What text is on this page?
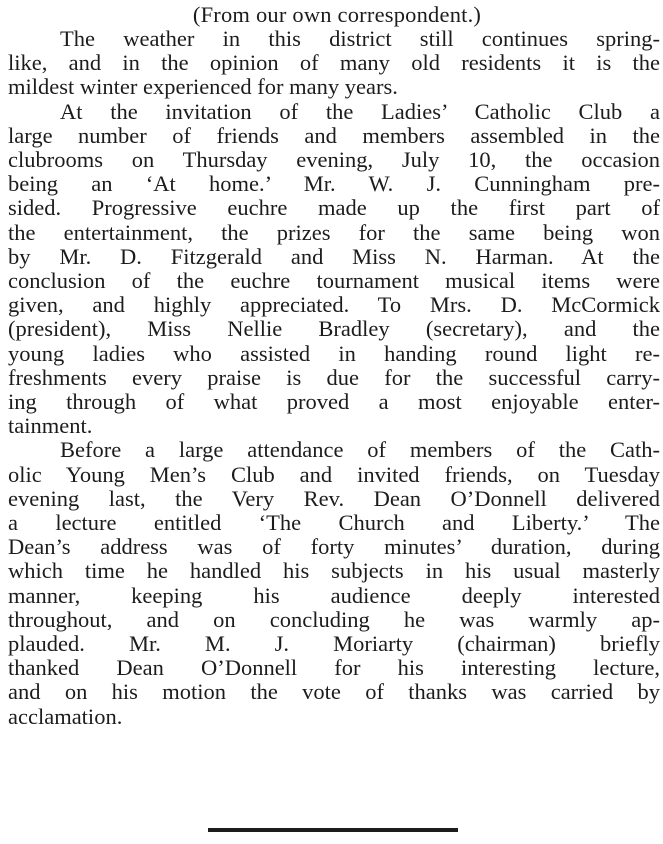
(From our own correspondent.)

The weather in this district still continues spring-
like, and in the opinion of many old residents it is the
mildest winter experienced for many years.
At the invitation of the Ladies’ Catholic Club a
large number of friends and members assembled in the
clubrooms on Thursday evening, July 10, the occasion
being an ‘At home.’ Mr. W. J. Cunningham pre-
sided. Progressive euchre made up the first part of
the entertainment, the prizes for the same being won
by Mr. D. Fitzgerald and Miss N. Harman. At the
conclusion of the euchre tournament musical items were
given, and highly appreciated. To Mrs. D. McCormick
(president), Miss Nellie Bradley (secretary), and the
young ladies who assisted in handing round light re-
freshments every praise is due for the successful carry-
ing through of what proved a most enjoyable enter-
tainment.
Before a large attendance of members of the Cath-
olic Young Men’s Club and invited friends, on Tuesday
evening last, the Very Rev. Dean O’Donnell delivered
a lecture entitled ‘The Church and Liberty.’ The
Dean’s address was of forty minutes’ duration, during
which time he handled his subjects in his usual masterly
manner, keeping his audience deeply interested
throughout, and on concluding he was warmly ap-
plauded. Mr. M. J. Moriarty (chairman) briefly
thanked Dean O’Donnell for his interesting lecture,
and on his motion the vote of thanks was carried by
acclamation.
